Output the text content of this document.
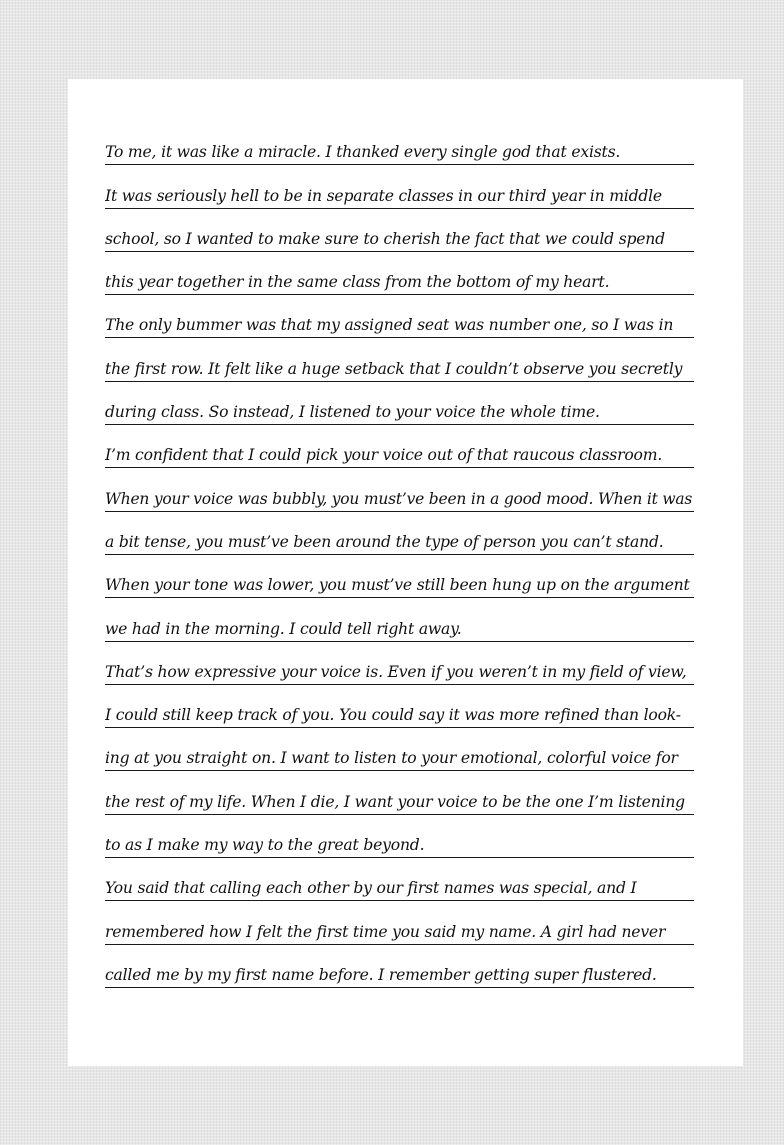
To me, it was like a miracle. I thanked every single god that exists.
It was seriously hell to be in separate classes in our third year in middle
school, so I wanted to make sure to cherish the fact that we could spend
this year together in the same class from the bottom of my heart.
The only bummer was that my assigned seat was number one, so I was in
the first row. It felt like a huge setback that I couldn’t observe you secretly
during class. So instead, I listened to your voice the whole time.
I’m confident that I could pick your voice out of that raucous classroom.
When your voice was bubbly, you must’ve been in a good mood. When it was
a bit tense, you must’ve been around the type of person you can’t stand.
When your tone was lower, you must’ve still been hung up on the argument
we had in the morning. I could tell right away.
That’s how expressive your voice is. Even if you weren’t in my field of view,
I could still keep track of you. You could say it was more refined than look-
ing at you straight on. I want to listen to your emotional, colorful voice for
the rest of my life. When I die, I want your voice to be the one I’m listening
to as I make my way to the great beyond.
You said that calling each other by our first names was special, and I
remembered how I felt the first time you said my name. A girl had never
called me by my first name before. I remember getting super flustered.
